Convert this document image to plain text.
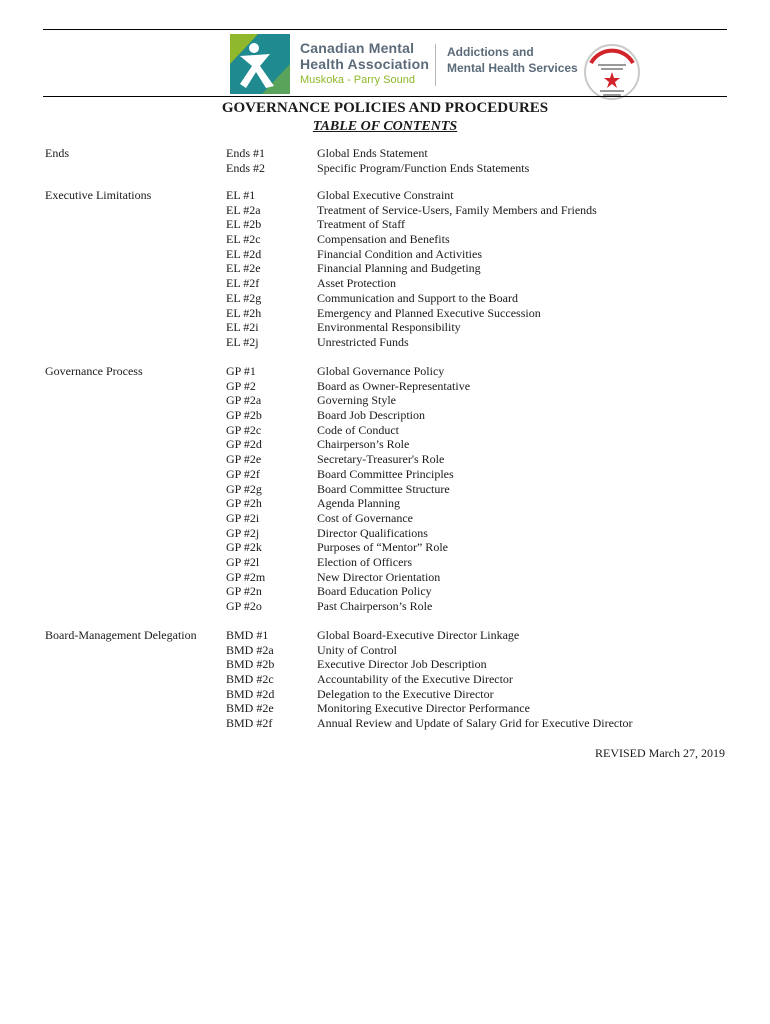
Canadian Mental
Health Association
Muskoka - Parry Sound
Addictions and
Mental Health Services
GOVERNANCE POLICIES AND PROCEDURES
TABLE OF CONTENTS
Ends	Ends #1	Global Ends Statement
Ends #2	Specific Program/Function Ends Statements
Executive Limitations	EL #1	Global Executive Constraint
EL #2a	Treatment of Service-Users, Family Members and Friends
EL #2b	Treatment of Staff
EL #2c	Compensation and Benefits
EL #2d	Financial Condition and Activities
EL #2e	Financial Planning and Budgeting
EL #2f	Asset Protection
EL #2g	Communication and Support to the Board
EL #2h	Emergency and Planned Executive Succession
EL #2i	Environmental Responsibility
EL #2j	Unrestricted Funds
Governance Process	GP #1	Global Governance Policy
GP #2	Board as Owner-Representative
GP #2a	Governing Style
GP #2b	Board Job Description
GP #2c	Code of Conduct
GP #2d	Chairperson’s Role
GP #2e	Secretary-Treasurer's Role
GP #2f	Board Committee Principles
GP #2g	Board Committee Structure
GP #2h	Agenda Planning
GP #2i	Cost of Governance
GP #2j	Director Qualifications
GP #2k	Purposes of “Mentor” Role
GP #2l	Election of Officers
GP #2m	New Director Orientation
GP #2n	Board Education Policy
GP #2o	Past Chairperson’s Role
Board-Management Delegation	BMD #1	Global Board-Executive Director Linkage
BMD #2a	Unity of Control
BMD #2b	Executive Director Job Description
BMD #2c	Accountability of the Executive Director
BMD #2d	Delegation to the Executive Director
BMD #2e	Monitoring Executive Director Performance
BMD #2f	Annual Review and Update of Salary Grid for Executive Director
REVISED March 27, 2019
